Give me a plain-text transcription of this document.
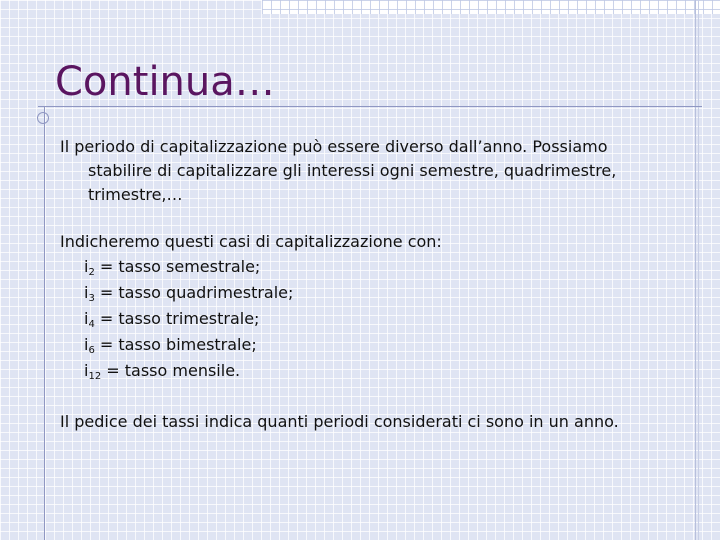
Continua…
Il periodo di capitalizzazione può essere diverso dall’anno. Possiamo
stabilire di capitalizzare gli interessi ogni semestre, quadrimestre,
trimestre,…
Indicheremo questi casi di capitalizzazione con:
$i_2$ = tasso semestrale;
$i_3$ = tasso quadrimestrale;
$i_4$ = tasso trimestrale;
$i_6$ = tasso bimestrale;
$i_{12}$ = tasso mensile.
Il pedice dei tassi indica quanti periodi considerati ci sono in un anno.
